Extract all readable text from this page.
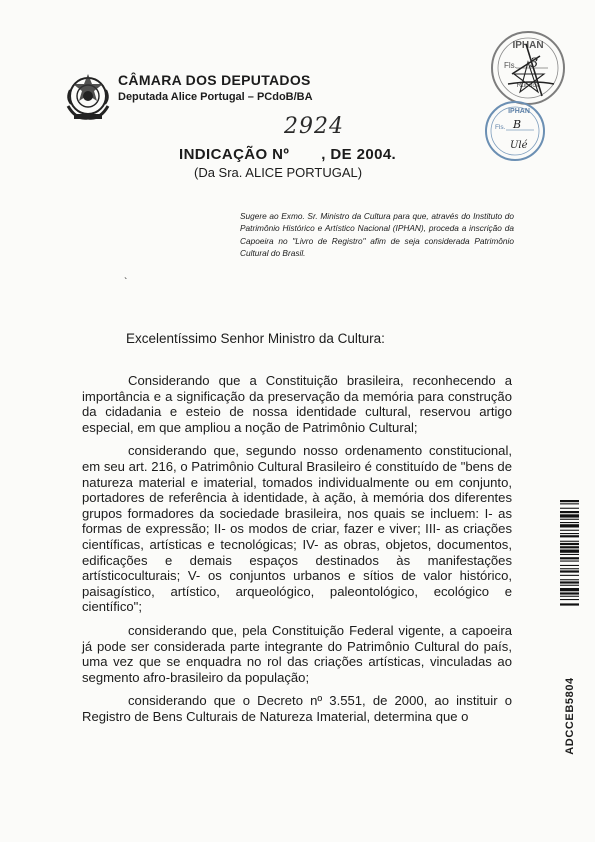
CÂMARA DOS DEPUTADOS
Deputada Alice Portugal – PCdoB/BA
IPHAN
Fls. 3
Rubrica
IPHAN
Fls. B
Ulé
2924
INDICAÇÃO Nº       , DE 2004.
(Da Sra. ALICE PORTUGAL)
Sugere ao Exmo. Sr. Ministro da Cultura para que, através do Instituto do Patrimônio Histórico e Artístico Nacional (IPHAN), proceda a inscrição da Capoeira no "Livro de Registro" afim de seja considerada Patrimônio Cultural do Brasil.
`
Excelentíssimo Senhor Ministro da Cultura:

Considerando que a Constituição brasileira, reconhecendo a importância e a significação da preservação da memória para construção da cidadania e esteio de nossa identidade cultural, reservou artigo especial, em que ampliou a noção de Patrimônio Cultural;

considerando que, segundo nosso ordenamento constitucional, em seu art. 216, o Patrimônio Cultural Brasileiro é constituído de "bens de natureza material e imaterial, tomados individualmente ou em conjunto, portadores de referência à identidade, à ação, à memória dos diferentes grupos formadores da sociedade brasileira, nos quais se incluem: I- as formas de expressão; II- os modos de criar, fazer e viver; III- as criações científicas, artísticas e tecnológicas; IV- as obras, objetos, documentos, edificações e demais espaços destinados às manifestações artísticoculturais; V- os conjuntos urbanos e sítios de valor histórico, paisagístico, artístico, arqueológico, paleontológico, ecológico e científico";

considerando que, pela Constituição Federal vigente, a capoeira já pode ser considerada parte integrante do Patrimônio Cultural do país, uma vez que se enquadra no rol das criações artísticas, vinculadas ao segmento afro-brasileiro da população;

considerando que o Decreto nº 3.551, de 2000, ao instituir o Registro de Bens Culturais de Natureza Imaterial, determina que o	ADCCEB5804
